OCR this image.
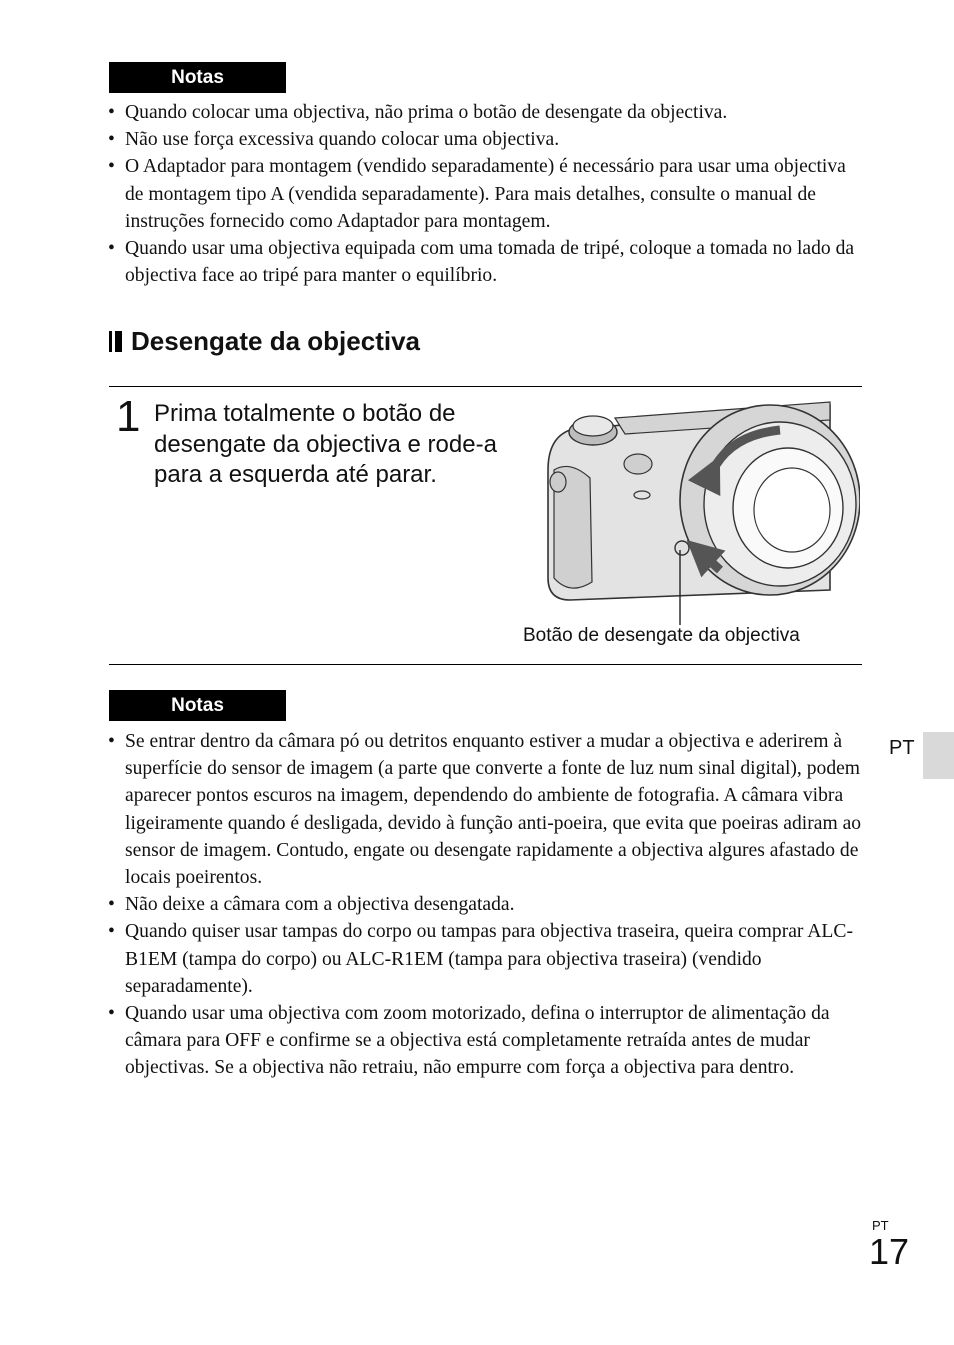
Notas
• Quando colocar uma objectiva, não prima o botão de desengate da objectiva.
• Não use força excessiva quando colocar uma objectiva.
• O Adaptador para montagem (vendido separadamente) é necessário para usar uma objectiva de montagem tipo A (vendida separadamente). Para mais detalhes, consulte o manual de instruções fornecido como Adaptador para montagem.
• Quando usar uma objectiva equipada com uma tomada de tripé, coloque a tomada no lado da objectiva face ao tripé para manter o equilíbrio.
Desengate da objectiva
1 Prima totalmente o botão de desengate da objectiva e rode-a para a esquerda até parar.
Botão de desengate da objectiva
Notas
• Se entrar dentro da câmara pó ou detritos enquanto estiver a mudar a objectiva e aderirem à superfície do sensor de imagem (a parte que converte a fonte de luz num sinal digital), podem aparecer pontos escuros na imagem, dependendo do ambiente de fotografia. A câmara vibra ligeiramente quando é desligada, devido à função anti-poeira, que evita que poeiras adiram ao sensor de imagem. Contudo, engate ou desengate rapidamente a objectiva algures afastado de locais poeirentos.
• Não deixe a câmara com a objectiva desengatada.
• Quando quiser usar tampas do corpo ou tampas para objectiva traseira, queira comprar ALC-B1EM (tampa do corpo) ou ALC-R1EM (tampa para objectiva traseira) (vendido separadamente).
• Quando usar uma objectiva com zoom motorizado, defina o interruptor de alimentação da câmara para OFF e confirme se a objectiva está completamente retraída antes de mudar objectivas. Se a objectiva não retraiu, não empurre com força a objectiva para dentro.
PT
PT
17
